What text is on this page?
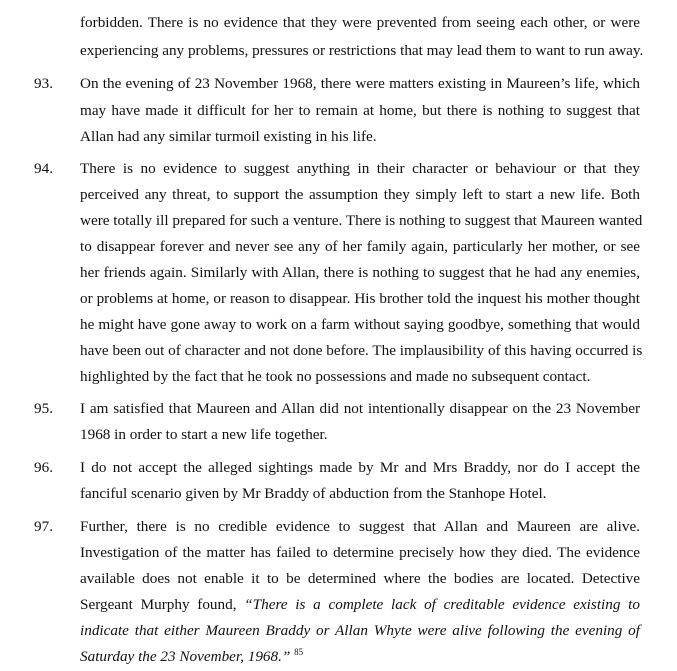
forbidden. There is no evidence that they were prevented from seeing each other, or were
experiencing any problems, pressures or restrictions that may lead them to want to run away.
93. On the evening of 23 November 1968, there were matters existing in Maureen’s life, which
may have made it difficult for her to remain at home, but there is nothing to suggest that
Allan had any similar turmoil existing in his life.
94. There is no evidence to suggest anything in their character or behaviour or that they
perceived any threat, to support the assumption they simply left to start a new life. Both
were totally ill prepared for such a venture. There is nothing to suggest that Maureen wanted
to disappear forever and never see any of her family again, particularly her mother, or see
her friends again. Similarly with Allan, there is nothing to suggest that he had any enemies,
or problems at home, or reason to disappear. His brother told the inquest his mother thought
he might have gone away to work on a farm without saying goodbye, something that would
have been out of character and not done before. The implausibility of this having occurred is
highlighted by the fact that he took no possessions and made no subsequent contact.
95. I am satisfied that Maureen and Allan did not intentionally disappear on the 23 November
1968 in order to start a new life together.
96. I do not accept the alleged sightings made by Mr and Mrs Braddy, nor do I accept the
fanciful scenario given by Mr Braddy of abduction from the Stanhope Hotel.
97. Further, there is no credible evidence to suggest that Allan and Maureen are alive.
Investigation of the matter has failed to determine precisely how they died. The evidence
available does not enable it to be determined where the bodies are located. Detective
Sergeant Murphy found, “There is a complete lack of creditable evidence existing to
indicate that either Maureen Braddy or Allan Whyte were alive following the evening of
Saturday the 23 November, 1968.” $^{85}$
